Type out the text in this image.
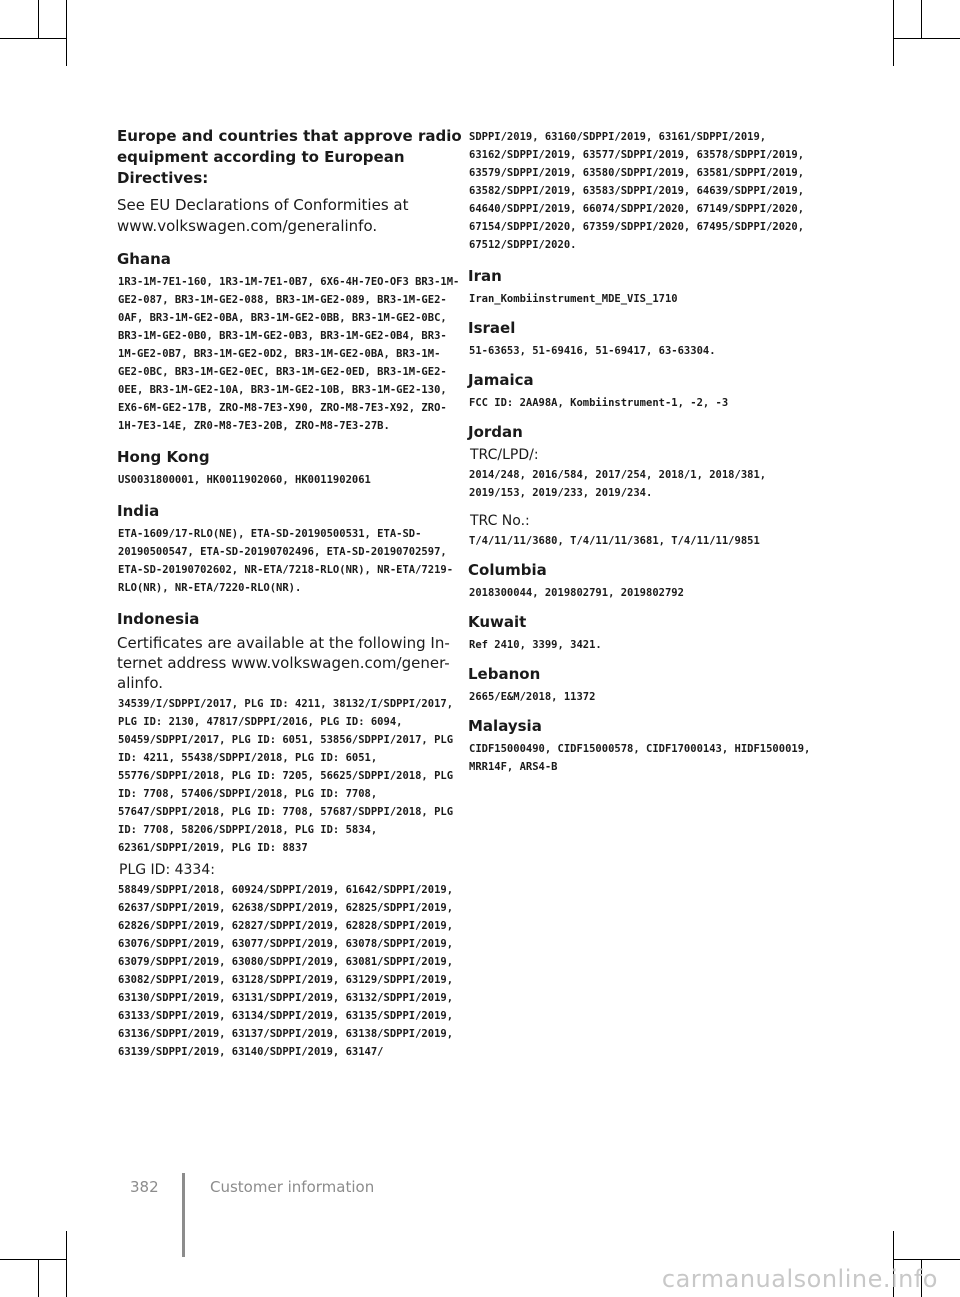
Europe and countries that approve radio equipment according to European Directives:

See EU Declarations of Conformities at www.volkswagen.com/generalinfo.

Ghana
1R3-1M-7E1-160, 1R3-1M-7E1-0B7, 6X6-4H-7EO-OF3 BR3-1M-GE2-087, BR3-1M-GE2-088, BR3-1M-GE2-089, BR3-1M-GE2-0AF, BR3-1M-GE2-0BA, BR3-1M-GE2-0BB, BR3-1M-GE2-0BC, BR3-1M-GE2-0B0, BR3-1M-GE2-0B3, BR3-1M-GE2-0B4, BR3-1M-GE2-0B7, BR3-1M-GE2-0D2, BR3-1M-GE2-0BA, BR3-1M-GE2-0BC, BR3-1M-GE2-0EC, BR3-1M-GE2-0ED, BR3-1M-GE2-0EE, BR3-1M-GE2-10A, BR3-1M-GE2-10B, BR3-1M-GE2-130, EX6-6M-GE2-17B, ZRO-M8-7E3-X90, ZRO-M8-7E3-X92, ZRO-1H-7E3-14E, ZR0-M8-7E3-20B, ZRO-M8-7E3-27B.
Hong Kong
US0031800001, HK0011902060, HK0011902061
India
ETA-1609/17-RLO(NE), ETA-SD-20190500531, ETA-SD-20190500547, ETA-SD-20190702496, ETA-SD-20190702597, ETA-SD-20190702602, NR-ETA/7218-RLO(NR), NR-ETA/7219-RLO(NR), NR-ETA/7220-RLO(NR).
Indonesia

Certificates are available at the following In-ternet address www.volkswagen.com/gener-alinfo.

34539/I/SDPPI/2017, PLG ID: 4211, 38132/I/SDPPI/2017, PLG ID: 2130, 47817/SDPPI/2016, PLG ID: 6094, 50459/SDPPI/2017, PLG ID: 6051, 53856/SDPPI/2017, PLG ID: 4211, 55438/SDPPI/2018, PLG ID: 6051, 55776/SDPPI/2018, PLG ID: 7205, 56625/SDPPI/2018, PLG ID: 7708, 57406/SDPPI/2018, PLG ID: 7708, 57647/SDPPI/2018, PLG ID: 7708, 57687/SDPPI/2018, PLG ID: 7708, 58206/SDPPI/2018, PLG ID: 5834, 62361/SDPPI/2019, PLG ID: 8837
PLG ID: 4334:
58849/SDPPI/2018, 60924/SDPPI/2019, 61642/SDPPI/2019, 62637/SDPPI/2019, 62638/SDPPI/2019, 62825/SDPPI/2019, 62826/SDPPI/2019, 62827/SDPPI/2019, 62828/SDPPI/2019, 63076/SDPPI/2019, 63077/SDPPI/2019, 63078/SDPPI/2019, 63079/SDPPI/2019, 63080/SDPPI/2019, 63081/SDPPI/2019, 63082/SDPPI/2019, 63128/SDPPI/2019, 63129/SDPPI/2019, 63130/SDPPI/2019, 63131/SDPPI/2019, 63132/SDPPI/2019, 63133/SDPPI/2019, 63134/SDPPI/2019, 63135/SDPPI/2019, 63136/SDPPI/2019, 63137/SDPPI/2019, 63138/SDPPI/2019, 63139/SDPPI/2019, 63140/SDPPI/2019, 63147/
SDPPI/2019, 63160/SDPPI/2019, 63161/SDPPI/2019, 63162/SDPPI/2019, 63577/SDPPI/2019, 63578/SDPPI/2019, 63579/SDPPI/2019, 63580/SDPPI/2019, 63581/SDPPI/2019, 63582/SDPPI/2019, 63583/SDPPI/2019, 64639/SDPPI/2019, 64640/SDPPI/2019, 66074/SDPPI/2020, 67149/SDPPI/2020, 67154/SDPPI/2020, 67359/SDPPI/2020, 67495/SDPPI/2020, 67512/SDPPI/2020.
Iran
Iran_Kombiinstrument_MDE_VIS_1710
Israel
51-63653, 51-69416, 51-69417, 63-63304.
Jamaica
FCC ID: 2AA98A, Kombiinstrument-1, -2, -3
Jordan
TRC/LPD/:
2014/248, 2016/584, 2017/254, 2018/1, 2018/381, 2019/153, 2019/233, 2019/234.
TRC No.:
T/4/11/11/3680, T/4/11/11/3681, T/4/11/11/9851
Columbia
2018300044, 2019802791, 2019802792
Kuwait
Ref 2410, 3399, 3421.
Lebanon
2665/E&M/2018, 11372
Malaysia
CIDF15000490, CIDF15000578, CIDF17000143, HIDF1500019, MRR14F, ARS4-B
382	Customer information
carmanualsonline.info
